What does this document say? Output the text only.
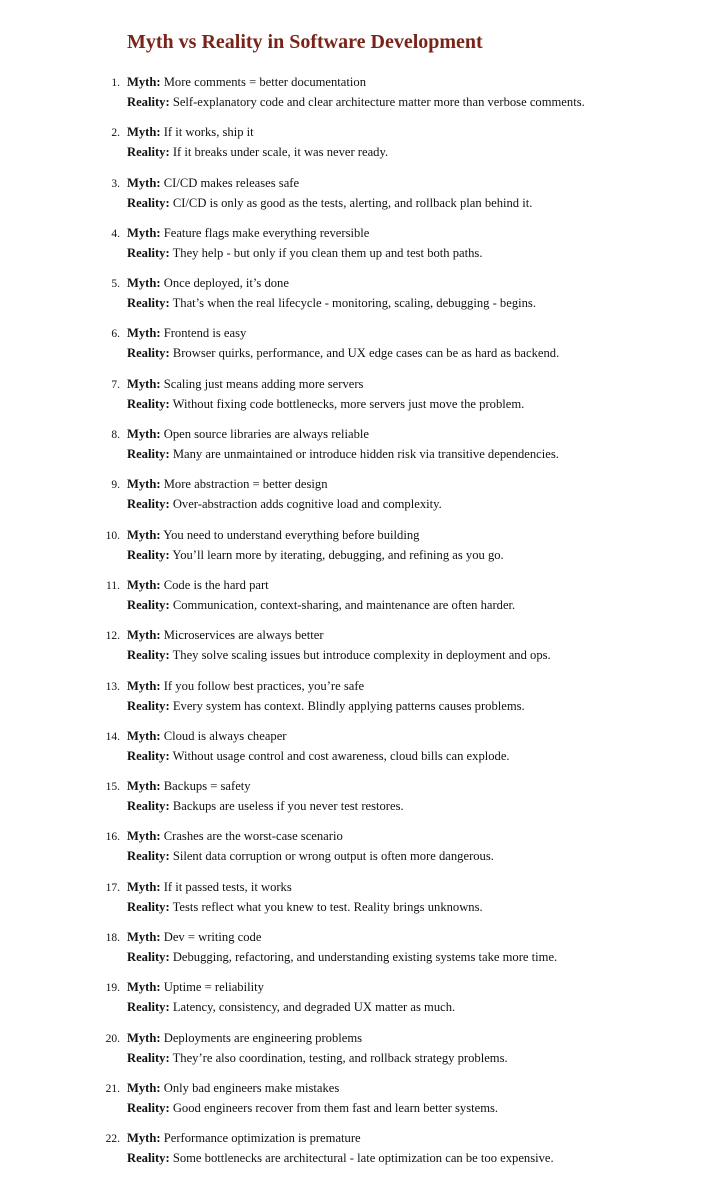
Myth vs Reality in Software Development
1. Myth: More comments = better documentation
Reality: Self-explanatory code and clear architecture matter more than verbose comments.
2. Myth: If it works, ship it
Reality: If it breaks under scale, it was never ready.
3. Myth: CI/CD makes releases safe
Reality: CI/CD is only as good as the tests, alerting, and rollback plan behind it.
4. Myth: Feature flags make everything reversible
Reality: They help - but only if you clean them up and test both paths.
5. Myth: Once deployed, it’s done
Reality: That’s when the real lifecycle - monitoring, scaling, debugging - begins.
6. Myth: Frontend is easy
Reality: Browser quirks, performance, and UX edge cases can be as hard as backend.
7. Myth: Scaling just means adding more servers
Reality: Without fixing code bottlenecks, more servers just move the problem.
8. Myth: Open source libraries are always reliable
Reality: Many are unmaintained or introduce hidden risk via transitive dependencies.
9. Myth: More abstraction = better design
Reality: Over-abstraction adds cognitive load and complexity.
10. Myth: You need to understand everything before building
Reality: You’ll learn more by iterating, debugging, and refining as you go.
11. Myth: Code is the hard part
Reality: Communication, context-sharing, and maintenance are often harder.
12. Myth: Microservices are always better
Reality: They solve scaling issues but introduce complexity in deployment and ops.
13. Myth: If you follow best practices, you’re safe
Reality: Every system has context. Blindly applying patterns causes problems.
14. Myth: Cloud is always cheaper
Reality: Without usage control and cost awareness, cloud bills can explode.
15. Myth: Backups = safety
Reality: Backups are useless if you never test restores.
16. Myth: Crashes are the worst-case scenario
Reality: Silent data corruption or wrong output is often more dangerous.
17. Myth: If it passed tests, it works
Reality: Tests reflect what you knew to test. Reality brings unknowns.
18. Myth: Dev = writing code
Reality: Debugging, refactoring, and understanding existing systems take more time.
19. Myth: Uptime = reliability
Reality: Latency, consistency, and degraded UX matter as much.
20. Myth: Deployments are engineering problems
Reality: They’re also coordination, testing, and rollback strategy problems.
21. Myth: Only bad engineers make mistakes
Reality: Good engineers recover from them fast and learn better systems.
22. Myth: Performance optimization is premature
Reality: Some bottlenecks are architectural - late optimization can be too expensive.
